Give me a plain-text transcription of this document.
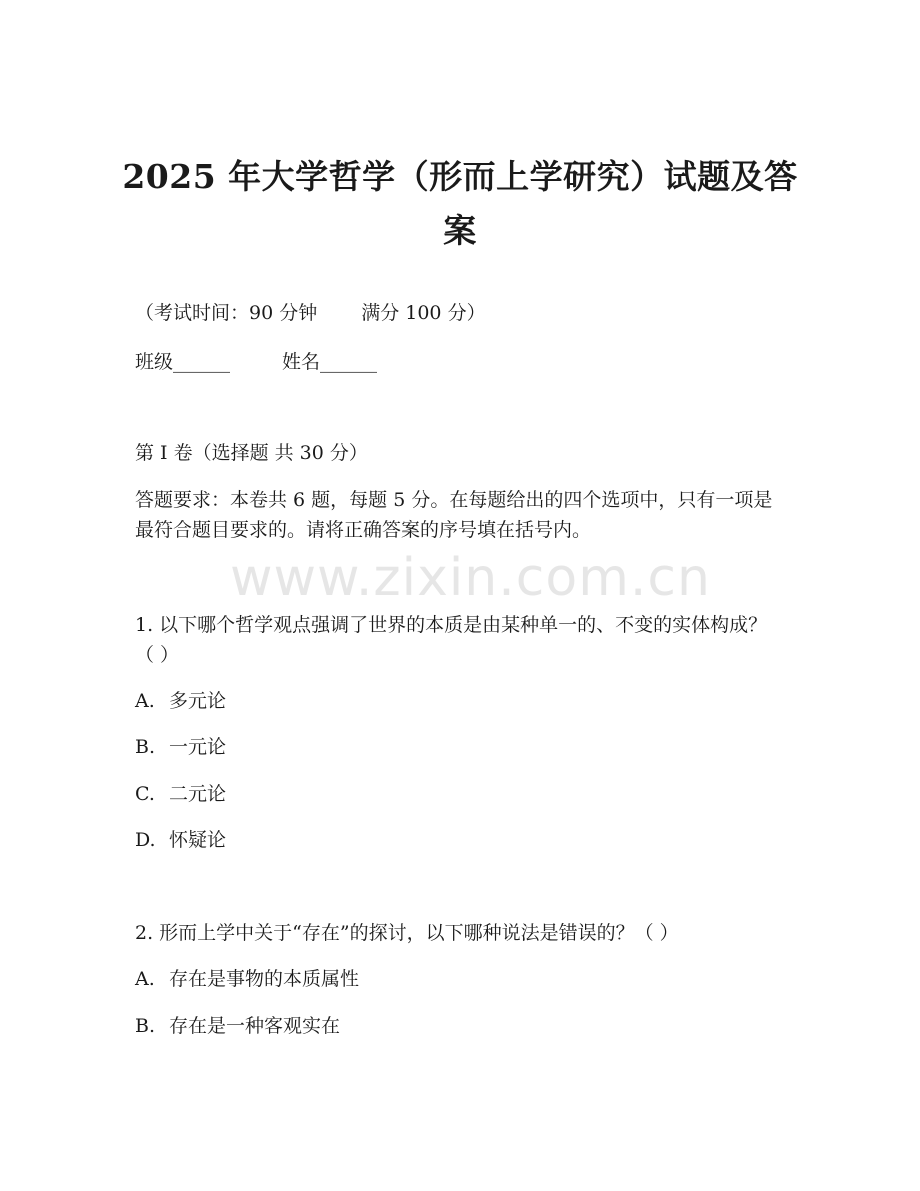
www.zixin.com.cn
2025 年大学哲学（形而上学研究）试题及答案
（考试时间：90 分钟 满分 100 分）
班级______	姓名______
第 I 卷（选择题 共 30 分）
答题要求：本卷共 6 题，每题 5 分。在每题给出的四个选项中，只有一项是最符合题目要求的。请将正确答案的序号填在括号内。
1. 以下哪个哲学观点强调了世界的本质是由某种单一的、不变的实体构成？（ ）
A. 多元论
B. 一元论
C. 二元论
D. 怀疑论
2. 形而上学中关于“存在”的探讨，以下哪种说法是错误的？（ ）
A. 存在是事物的本质属性
B. 存在是一种客观实在
